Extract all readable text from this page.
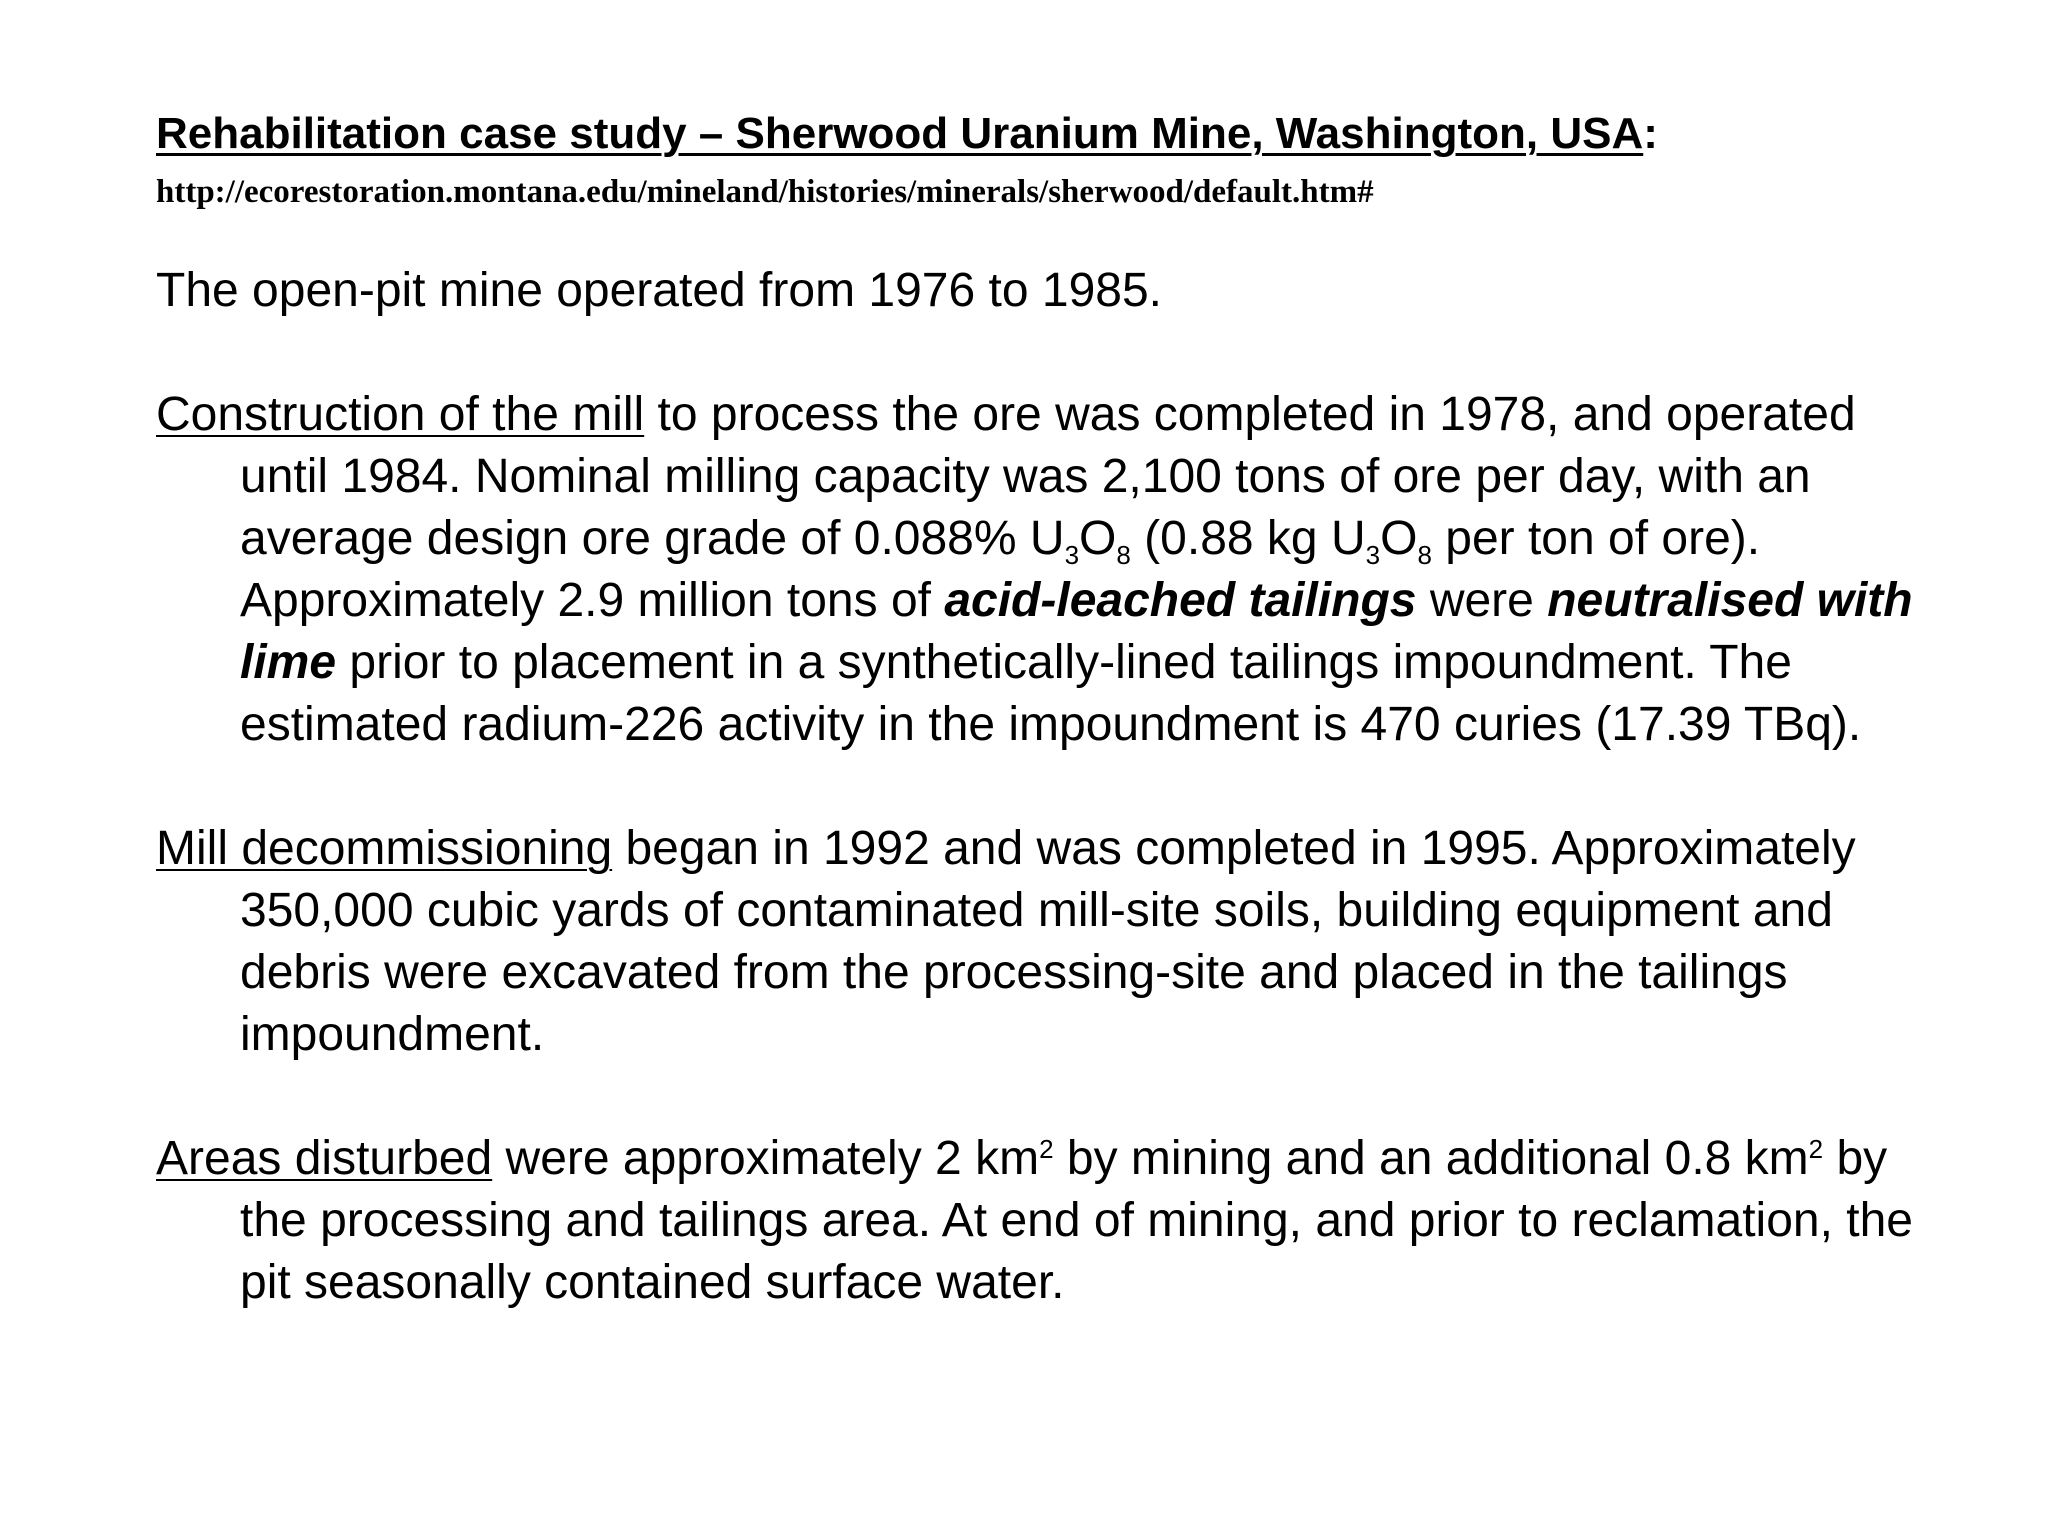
Rehabilitation case study – Sherwood Uranium Mine, Washington, USA:

http://ecorestoration.montana.edu/mineland/histories/minerals/sherwood/default.htm#

The open-pit mine operated from 1976 to 1985.

Construction of the mill to process the ore was completed in 1978, and operated until 1984. Nominal milling capacity was 2,100 tons of ore per day, with an average design ore grade of 0.088% $U_3O_8$ (0.88 kg $U_3O_8$ per ton of ore). Approximately 2.9 million tons of acid-leached tailings were neutralised with lime prior to placement in a synthetically-lined tailings impoundment. The estimated radium-226 activity in the impoundment is 470 curies (17.39 TBq).

Mill decommissioning began in 1992 and was completed in 1995. Approximately 350,000 cubic yards of contaminated mill-site soils, building equipment and debris were excavated from the processing-site and placed in the tailings impoundment.

Areas disturbed were approximately 2 $km^2$ by mining and an additional 0.8 $km^2$ by the processing and tailings area. At end of mining, and prior to reclamation, the pit seasonally contained surface water.
